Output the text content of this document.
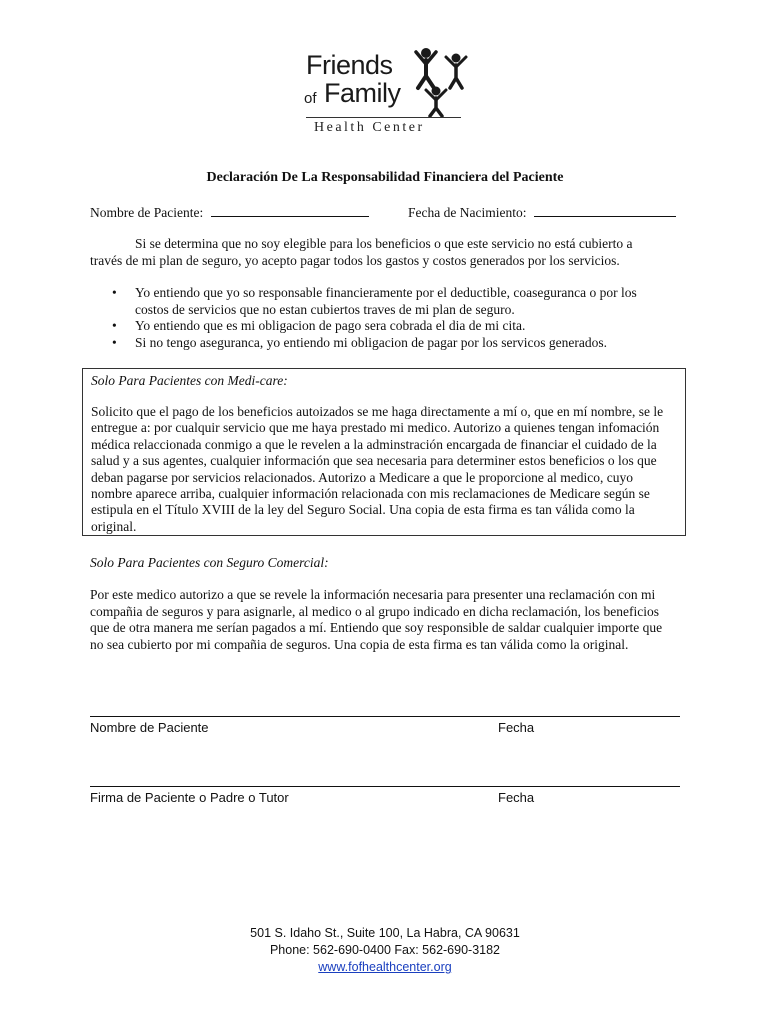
Friends
of Family
Health Center
Declaración De La Responsabilidad Financiera del Paciente
Nombre de Paciente:	Fecha de Nacimiento:
Si se determina que no soy elegible para los beneficios o que este servicio no está cubierto a
través de mi plan de seguro, yo acepto pagar todos los gastos y costos generados por los servicios.
• Yo entiendo que yo so responsable financieramente por el deductible, coaseguranca o por los
costos de servicios que no estan cubiertos traves de mi plan de seguro.
• Yo entiendo que es mi obligacion de pago sera cobrada el dia de mi cita.
• Si no tengo aseguranca, yo entiendo mi obligacion de pagar por los servicos generados.
Solo Para Pacientes con Medi-care:
Solicito que el pago de los beneficios autoizados se me haga directamente a mí o, que en mí nombre, se le
entregue a: por cualquir servicio que me haya prestado mi medico. Autorizo a quienes tengan infomación
médica relaccionada conmigo a que le revelen a la adminstración encargada de financiar el cuidado de la
salud y a sus agentes, cualquier información que sea necesaria para determiner estos beneficios o los que
deban pagarse por servicios relacionados. Autorizo a Medicare a que le proporcione al medico, cuyo
nombre aparece arriba, cualquier información relacionada con mis reclamaciones de Medicare según se
estipula en el Título XVIII de la ley del Seguro Social. Una copia de esta firma es tan válida como la
original.
Solo Para Pacientes con Seguro Comercial:
Por este medico autorizo a que se revele la información necesaria para presenter una reclamación con mi
compañia de seguros y para asignarle, al medico o al grupo indicado en dicha reclamación, los beneficios
que de otra manera me serían pagados a mí. Entiendo que soy responsible de saldar cualquier importe que
no sea cubierto por mi compañia de seguros. Una copia de esta firma es tan válida como la original.
Nombre de Paciente	Fecha
Firma de Paciente o Padre o Tutor	Fecha
501 S. Idaho St., Suite 100, La Habra, CA 90631
Phone: 562-690-0400 Fax: 562-690-3182
www.fofhealthcenter.org
